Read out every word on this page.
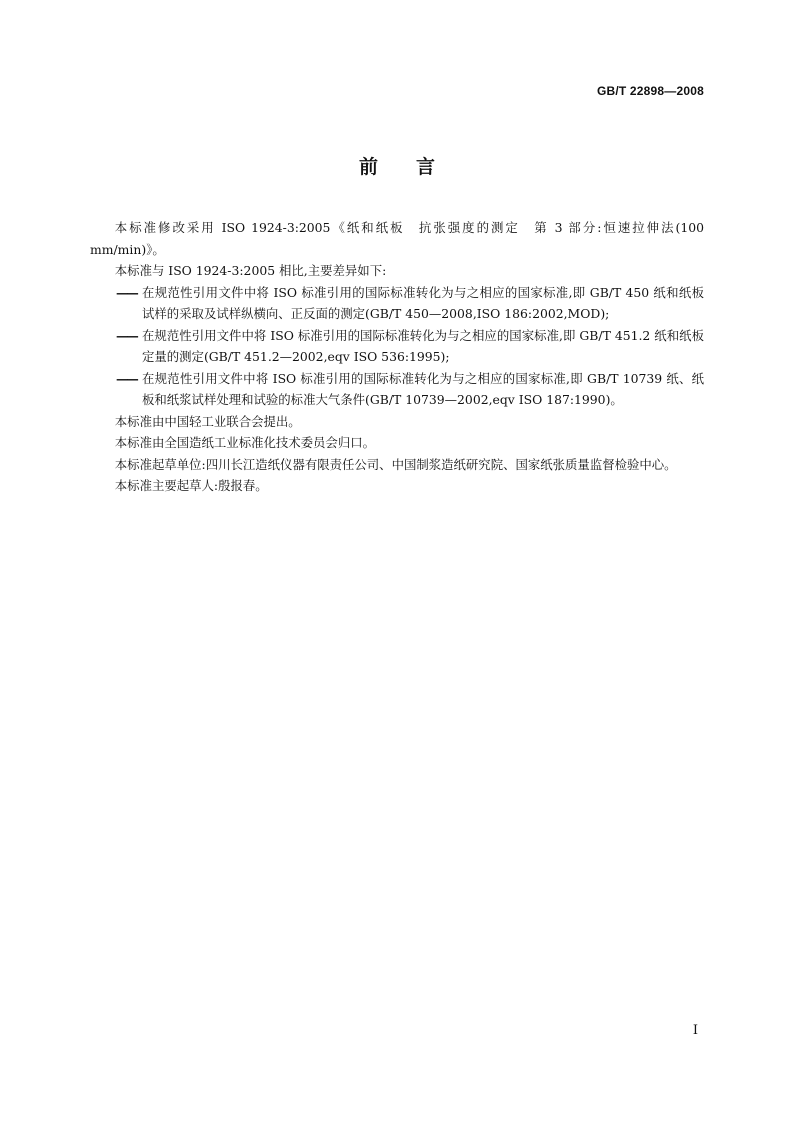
GB/T 22898—2008
前言

本标准修改采用 ISO 1924-3:2005《纸和纸板　抗张强度的测定　第 3 部分:恒速拉伸法(100 mm/min)》。

本标准与 ISO 1924-3:2005 相比,主要差异如下:

—— 在规范性引用文件中将 ISO 标准引用的国际标准转化为与之相应的国家标准,即 GB/T 450 纸和纸板　试样的采取及试样纵横向、正反面的测定(GB/T 450—2008,ISO 186:2002,MOD);

—— 在规范性引用文件中将 ISO 标准引用的国际标准转化为与之相应的国家标准,即 GB/T 451.2 纸和纸板定量的测定(GB/T 451.2—2002,eqv ISO 536:1995);

—— 在规范性引用文件中将 ISO 标准引用的国际标准转化为与之相应的国家标准,即 GB/T 10739 纸、纸板和纸浆试样处理和试验的标准大气条件(GB/T 10739—2002,eqv ISO 187:1990)。

本标准由中国轻工业联合会提出。

本标准由全国造纸工业标准化技术委员会归口。

本标准起草单位:四川长江造纸仪器有限责任公司、中国制浆造纸研究院、国家纸张质量监督检验中心。

本标准主要起草人:殷报春。

I
